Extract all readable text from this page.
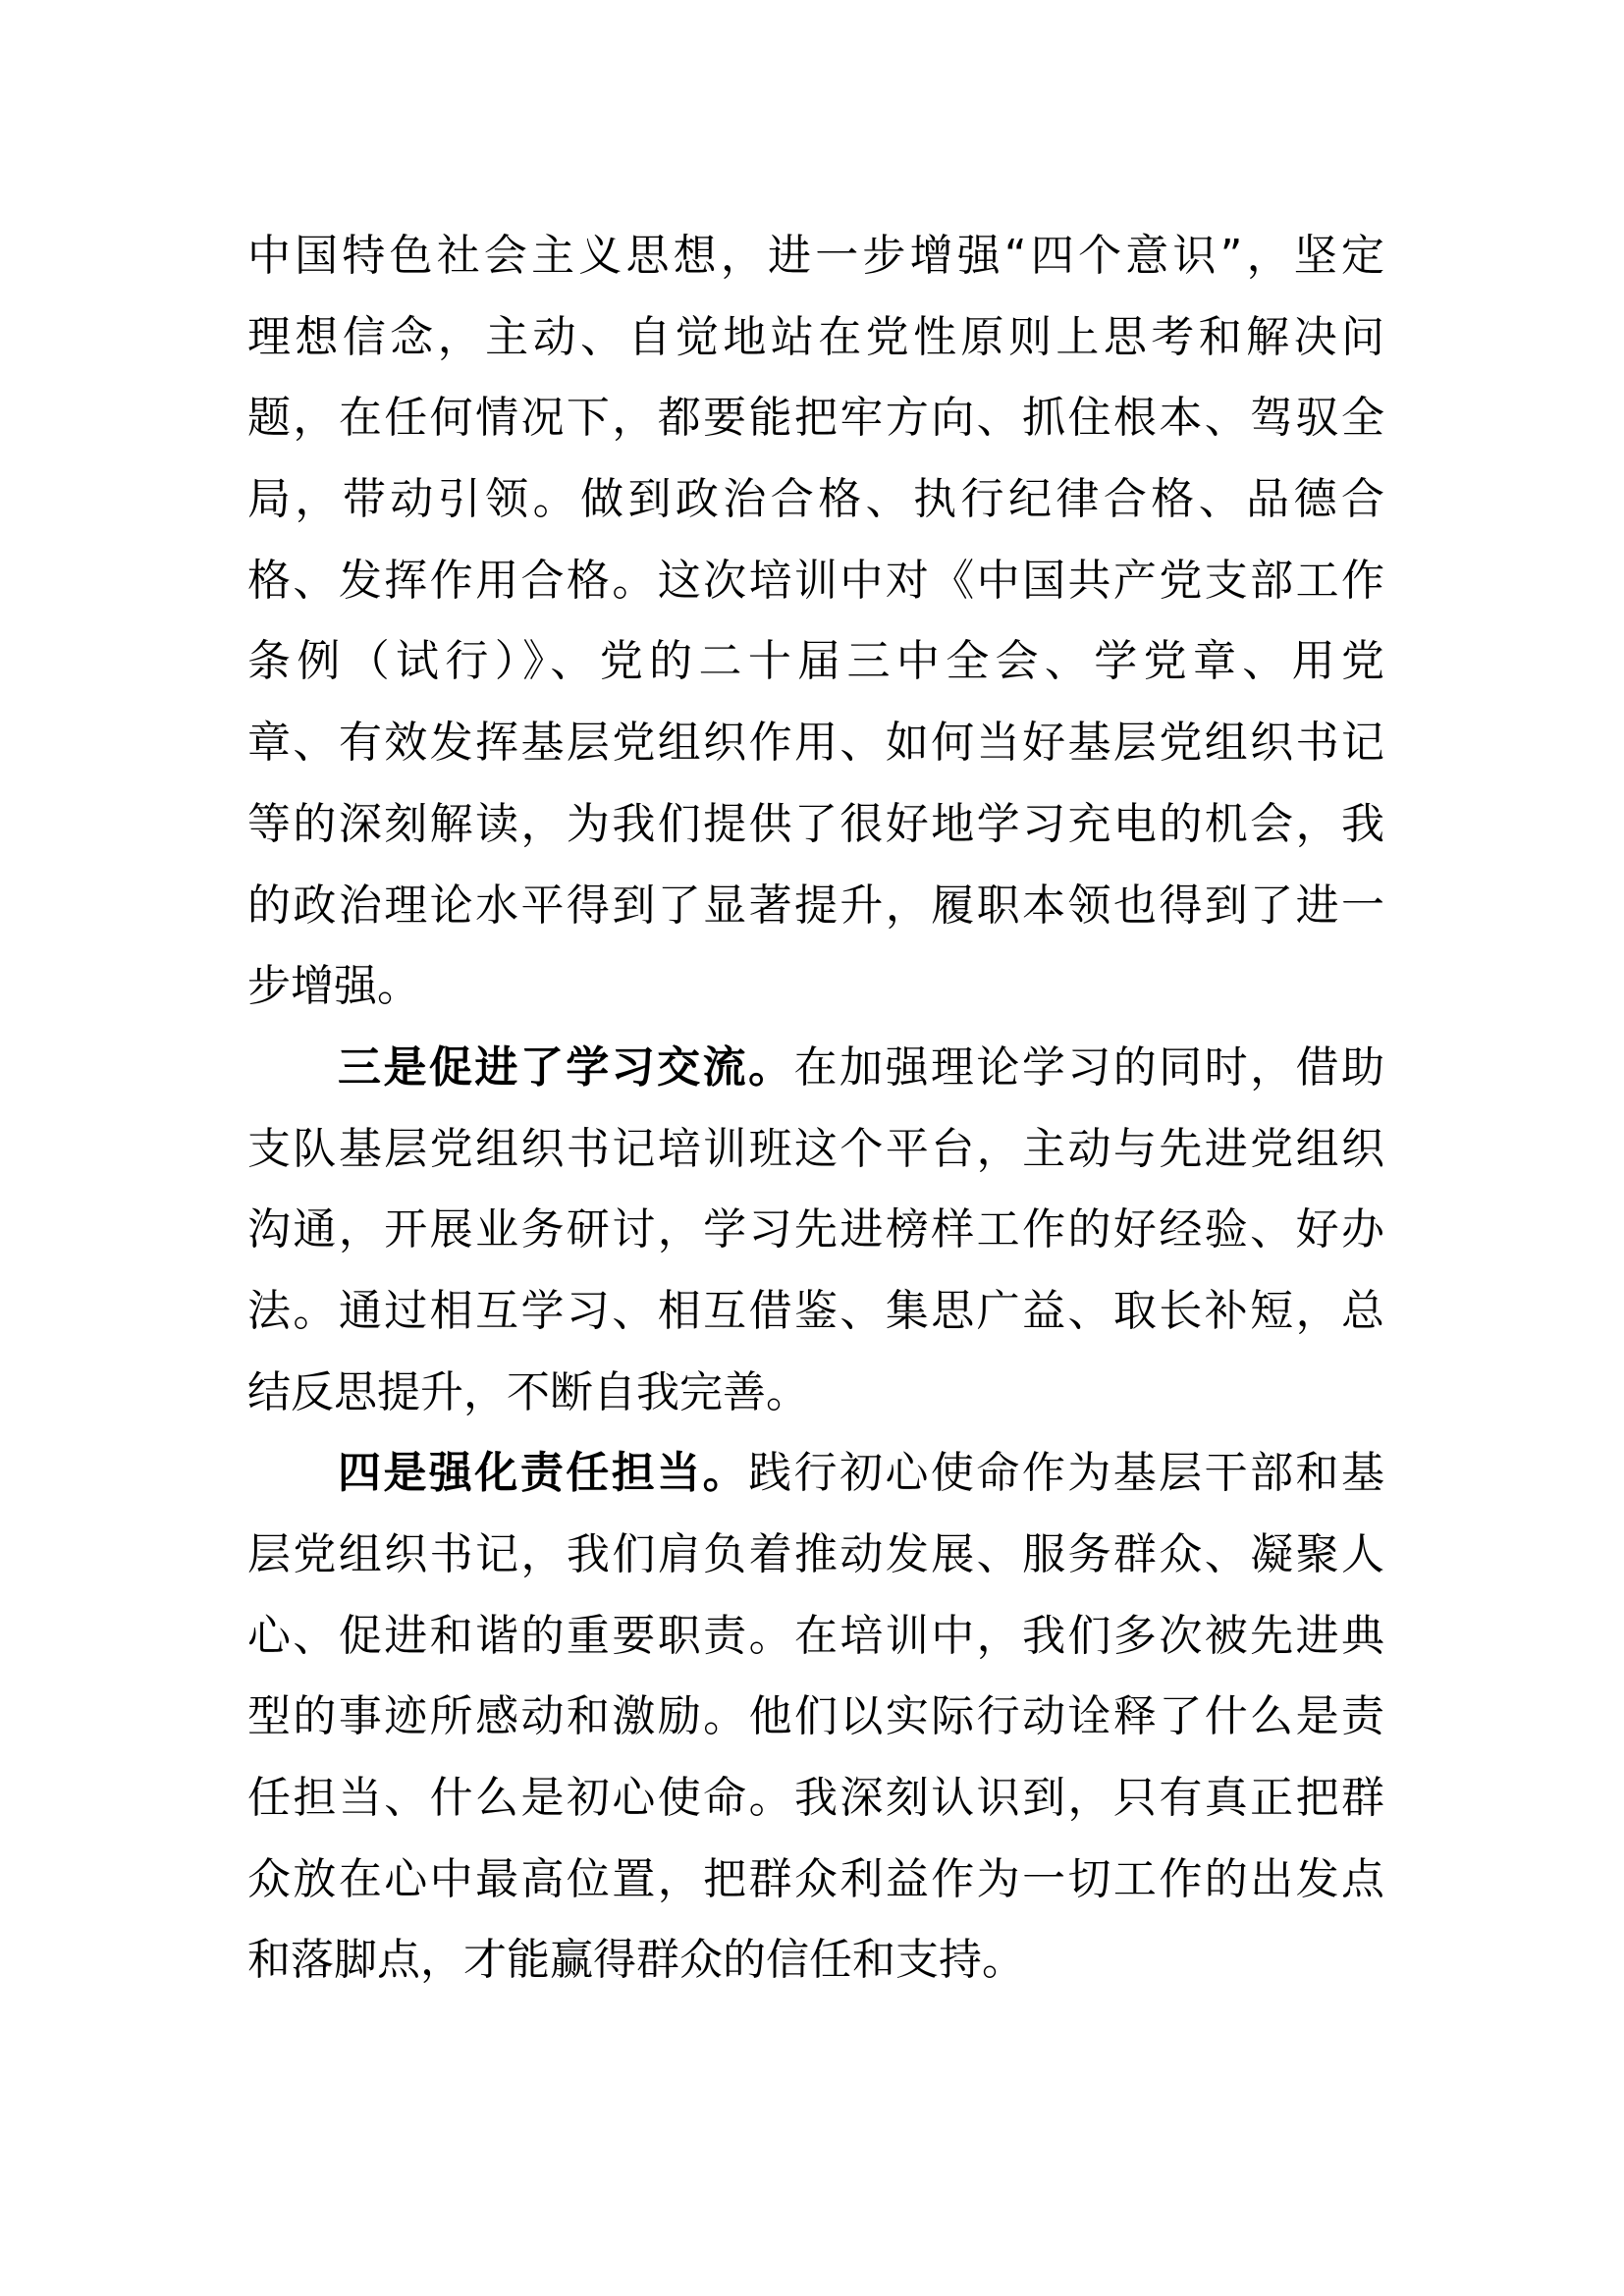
中国特色社会主义思想，进一步增强“四个意识”，坚定
理想信念，主动、自觉地站在党性原则上思考和解决问
题，在任何情况下，都要能把牢方向、抓住根本、驾驭全
局，带动引领。做到政治合格、执行纪律合格、品德合
格、发挥作用合格。这次培训中对《中国共产党支部工作
条例（试行）》、党的二十届三中全会、学党章、用党
章、有效发挥基层党组织作用、如何当好基层党组织书记
等的深刻解读，为我们提供了很好地学习充电的机会，我
的政治理论水平得到了显著提升，履职本领也得到了进一
步增强。
三是促进了学习交流。在加强理论学习的同时，借助
支队基层党组织书记培训班这个平台，主动与先进党组织
沟通，开展业务研讨，学习先进榜样工作的好经验、好办
法。通过相互学习、相互借鉴、集思广益、取长补短，总
结反思提升，不断自我完善。
四是强化责任担当。践行初心使命作为基层干部和基
层党组织书记，我们肩负着推动发展、服务群众、凝聚人
心、促进和谐的重要职责。在培训中，我们多次被先进典
型的事迹所感动和激励。他们以实际行动诠释了什么是责
任担当、什么是初心使命。我深刻认识到，只有真正把群
众放在心中最高位置，把群众利益作为一切工作的出发点
和落脚点，才能赢得群众的信任和支持。
